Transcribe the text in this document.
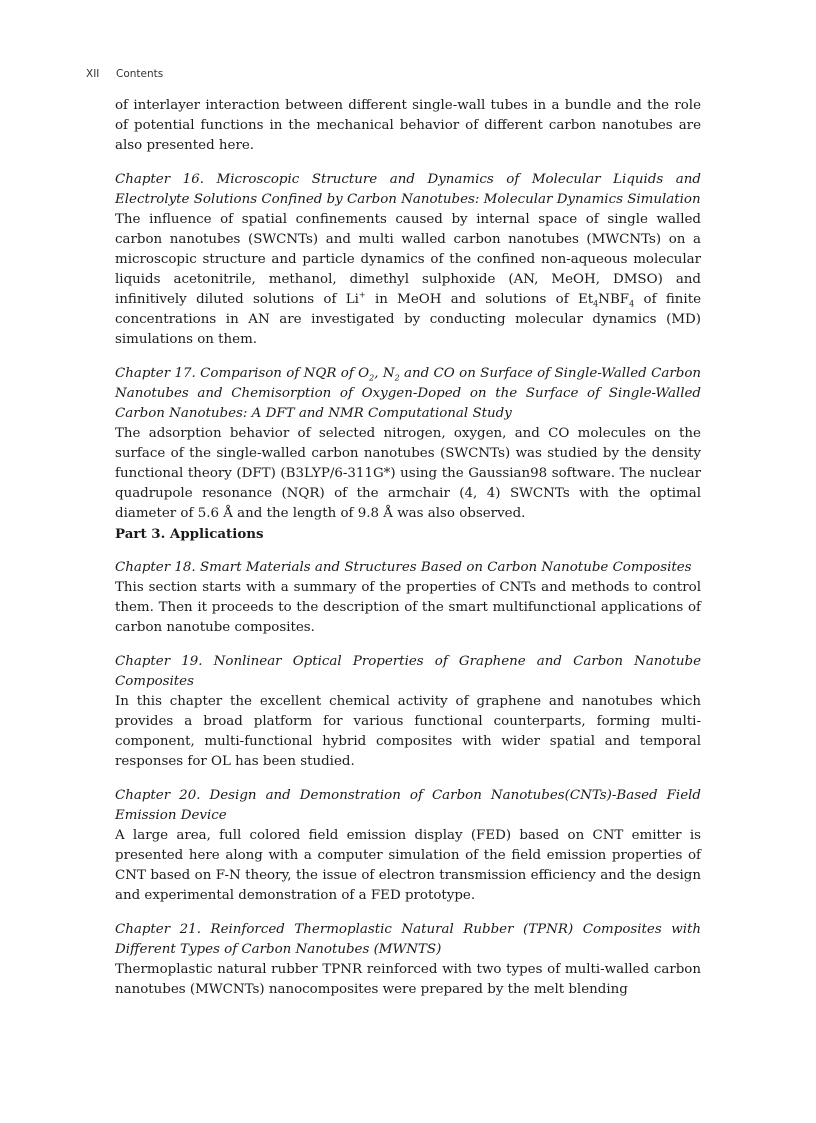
XII Contents

of interlayer interaction between different single-wall tubes in a bundle and the role of potential functions in the mechanical behavior of different carbon nanotubes are also presented here.

Chapter 16. Microscopic Structure and Dynamics of Molecular Liquids and Electrolyte Solutions Confined by Carbon Nanotubes: Molecular Dynamics Simulation

The influence of spatial confinements caused by internal space of single walled carbon nanotubes (SWCNTs) and multi walled carbon nanotubes (MWCNTs) on a microscopic structure and particle dynamics of the confined non-aqueous molecular liquids acetonitrile, methanol, dimethyl sulphoxide (AN, MeOH, DMSO) and infinitively diluted solutions of Li+ in MeOH and solutions of $Et_4NBF_4$ of finite concentrations in AN are investigated by conducting molecular dynamics (MD) simulations on them.

Chapter 17. Comparison of NQR of $O_2$, $N_2$ and CO on Surface of Single-Walled Carbon Nanotubes and Chemisorption of Oxygen-Doped on the Surface of Single-Walled Carbon Nanotubes: A DFT and NMR Computational Study

The adsorption behavior of selected nitrogen, oxygen, and CO molecules on the surface of the single-walled carbon nanotubes (SWCNTs) was studied by the density functional theory (DFT) (B3LYP/6-311G*) using the Gaussian98 software. The nuclear quadrupole resonance (NQR) of the armchair (4, 4) SWCNTs with the optimal diameter of 5.6 Å and the length of 9.8 Å was also observed.

Part 3. Applications

Chapter 18. Smart Materials and Structures Based on Carbon Nanotube Composites

This section starts with a summary of the properties of CNTs and methods to control them. Then it proceeds to the description of the smart multifunctional applications of carbon nanotube composites.

Chapter 19. Nonlinear Optical Properties of Graphene and Carbon Nanotube Composites

In this chapter the excellent chemical activity of graphene and nanotubes which provides a broad platform for various functional counterparts, forming multi-component, multi-functional hybrid composites with wider spatial and temporal responses for OL has been studied.

Chapter 20. Design and Demonstration of Carbon Nanotubes(CNTs)-Based Field Emission Device

A large area, full colored field emission display (FED) based on CNT emitter is presented here along with a computer simulation of the field emission properties of CNT based on F-N theory, the issue of electron transmission efficiency and the design and experimental demonstration of a FED prototype.

Chapter 21. Reinforced Thermoplastic Natural Rubber (TPNR) Composites with Different Types of Carbon Nanotubes (MWNTS)

Thermoplastic natural rubber TPNR reinforced with two types of multi-walled carbon nanotubes (MWCNTs) nanocomposites were prepared by the melt blending
